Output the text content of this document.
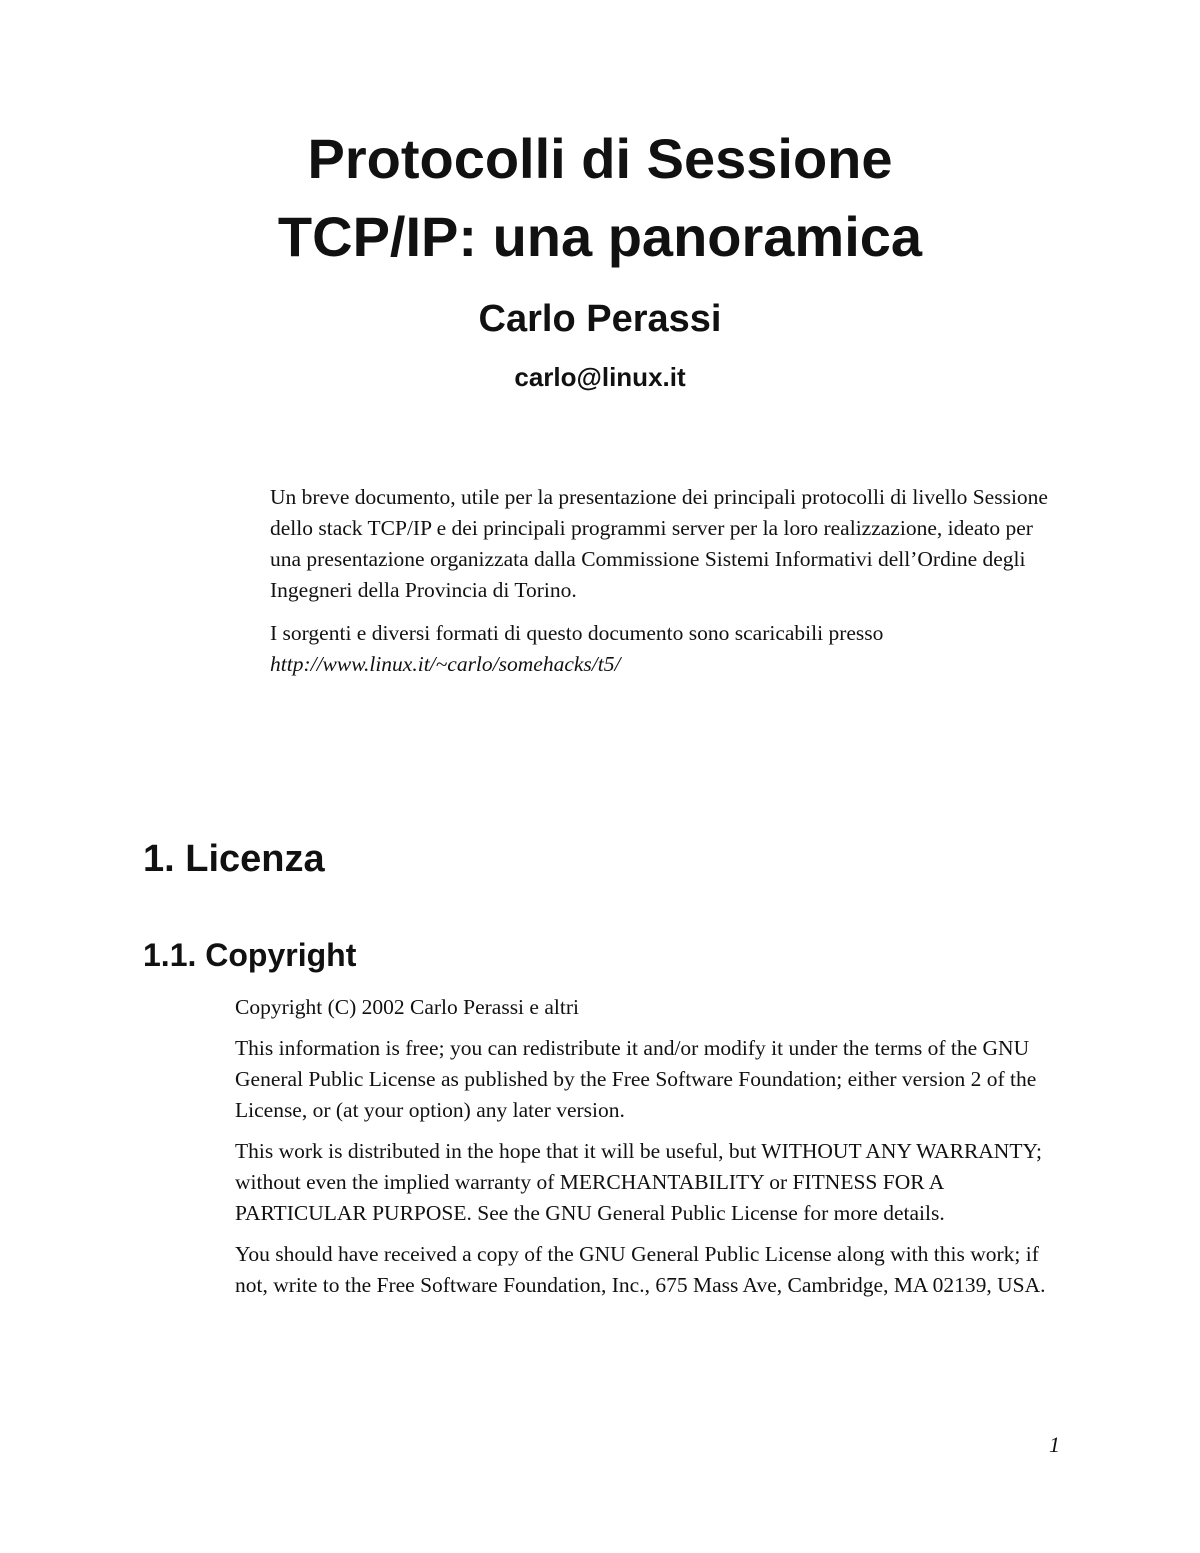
Protocolli di Sessione
TCP/IP: una panoramica
Carlo Perassi
carlo@linux.it

Un breve documento, utile per la presentazione dei principali protocolli di livello Sessione dello stack TCP/IP e dei principali programmi server per la loro realizzazione, ideato per una presentazione organizzata dalla Commissione Sistemi Informativi dell’Ordine degli Ingegneri della Provincia di Torino.

I sorgenti e diversi formati di questo documento sono scaricabili presso
http://www.linux.it/~carlo/somehacks/t5/

1. Licenza
1.1. Copyright

Copyright (C) 2002 Carlo Perassi e altri

This information is free; you can redistribute it and/or modify it under the terms of the GNU General Public License as published by the Free Software Foundation; either version 2 of the License, or (at your option) any later version.

This work is distributed in the hope that it will be useful, but WITHOUT ANY WARRANTY; without even the implied warranty of MERCHANTABILITY or FITNESS FOR A PARTICULAR PURPOSE. See the GNU General Public License for more details.

You should have received a copy of the GNU General Public License along with this work; if not, write to the Free Software Foundation, Inc., 675 Mass Ave, Cambridge, MA 02139, USA.

1
